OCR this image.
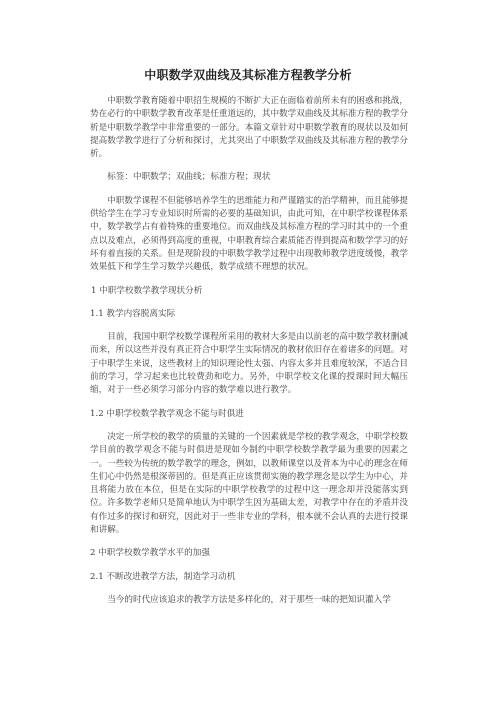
中职数学双曲线及其标准方程教学分析

中职数学教育随着中职招生规模的不断扩大正在面临着前所未有的困惑和挑战，势在必行的中职数学教育改革是任重道远的，其中数学双曲线及其标准方程的教学分析是中职数学教学中非常重要的一部分。本篇文章针对中职数学教育的现状以及如何提高数学教学进行了分析和探讨，尤其突出了中职数学双曲线及其标准方程的教学分析。

标签：中职数学；双曲线；标准方程；现状

中职数学课程不但能够培养学生的思维能力和严谨踏实的治学精神，而且能够提供给学生在学习专业知识时所需的必要的基础知识，由此可知，在中职学校课程体系中，数学教学占有着特殊的重要地位。而双曲线及其标准方程的学习时其中的一个重点以及难点，必须得到高度的重视，中职教育综合素质能否得到提高和数学学习的好坏有着直接的关系。但是现阶段的中职数学教学过程中出现教师教学进度缓慢，教学效果低下和学生学习数学兴趣低，数学成绩不理想的状况。

1 中职学校数学教学现状分析

1.1 教学内容脱离实际

目前，我国中职学校数学课程所采用的教材大多是由以前老的高中数学教材删减而来，所以这些并没有真正符合中职学生实际情况的教材依旧存在着诸多的问题。对于中职学生来说，这些教材上的知识理论性太强、内容太多并且难度较深，不适合目前的学习，学习起来也比较费劲和吃力。另外，中职学校文化课的授课时间大幅压缩，对于一些必须学习部分内容的数学难以进行教学。

1.2 中职学校数学教学观念不能与时俱进

决定一所学校的教学的质量的关键的一个因素就是学校的教学观念，中职学校数学目前的教学观念不能与时俱进是现如今制约中职学校数学教学最为重要的因素之一。一些较为传统的数学教学的理念，例如，以教师课堂以及背本为中心的理念在师生们心中仍然是根深蒂固的。但是真正应该贯彻实施的教学理念是以学生为中心，并且将能力放在本位，但是在实际的中职学校教学的过程中这一理念却并没能落实到位。许多数学老师只是简单地认为中职学生因为基础太差，对教学中存在的矛盾并没有作过多的探讨和研究，因此对于一些非专业的学科，根本就不会认真的去进行授课和讲解。

2 中职学校数学教学水平的加强

2.1 不断改进教学方法，制造学习动机

当今的时代应该追求的教学方法是多样化的，对于那些一味的把知识灌入学
